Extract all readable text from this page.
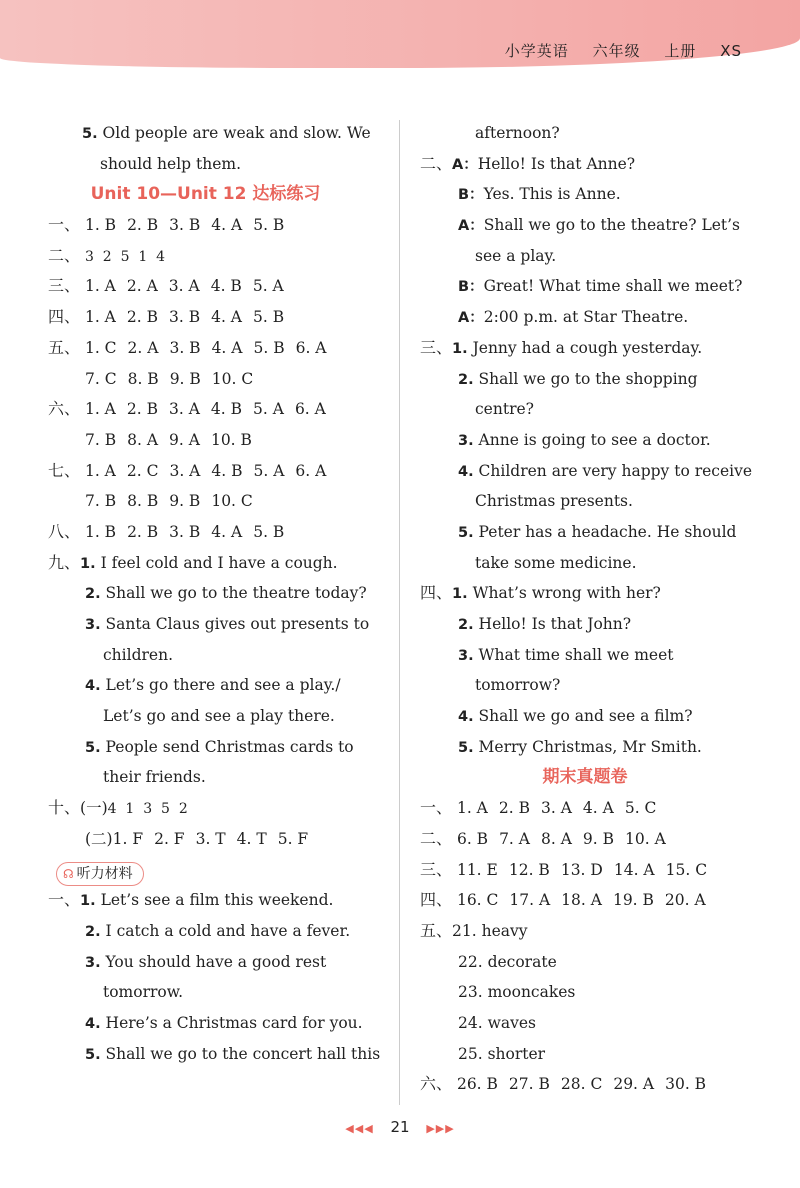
小学英语 六年级 上册 XS
5. Old people are weak and slow. We
should help them.
Unit 10—Unit 12 达标练习
一、 1. B 2. B 3. B 4. A 5. B
二、 3  2  5  1  4
三、 1. A 2. A 3. A 4. B 5. A
四、 1. A 2. B 3. B 4. A 5. B
五、 1. C 2. A 3. B 4. A 5. B 6. A
7. C 8. B 9. B 10. C
六、 1. A 2. B 3. A 4. B 5. A 6. A
7. B 8. A 9. A 10. B
七、 1. A 2. C 3. A 4. B 5. A 6. A
7. B 8. B 9. B 10. C
八、 1. B 2. B 3. B 4. A 5. B
九、1. I feel cold and I have a cough.
2. Shall we go to the theatre today?
3. Santa Claus gives out presents to
children.
4. Let’s go there and see a play./
Let’s go and see a play there.
5. People send Christmas cards to
their friends.
十、(一)4  1  3  5  2
(二)1. F 2. F 3. T 4. T 5. F
☊ 听力材料
一、1. Let’s see a film this weekend.
2. I catch a cold and have a fever.
3. You should have a good rest
tomorrow.
4. Here’s a Christmas card for you.
5. Shall we go to the concert hall this
afternoon?
二、A：Hello! Is that Anne?
B：Yes. This is Anne.
A：Shall we go to the theatre? Let’s
see a play.
B：Great! What time shall we meet?
A：2:00 p.m. at Star Theatre.
三、1. Jenny had a cough yesterday.
2. Shall we go to the shopping
centre?
3. Anne is going to see a doctor.
4. Children are very happy to receive
Christmas presents.
5. Peter has a headache. He should
take some medicine.
四、1. What’s wrong with her?
2. Hello! Is that John?
3. What time shall we meet
tomorrow?
4. Shall we go and see a film?
5. Merry Christmas, Mr Smith.
期末真题卷
一、 1. A 2. B 3. A 4. A 5. C
二、 6. B 7. A 8. A 9. B 10. A
三、 11. E 12. B 13. D 14. A 15. C
四、 16. C 17. A 18. A 19. B 20. A
五、21. heavy
22. decorate
23. mooncakes
24. waves
25. shorter
六、 26. B 27. B 28. C 29. A 30. B
◀◀◀ 21 ▶▶▶
